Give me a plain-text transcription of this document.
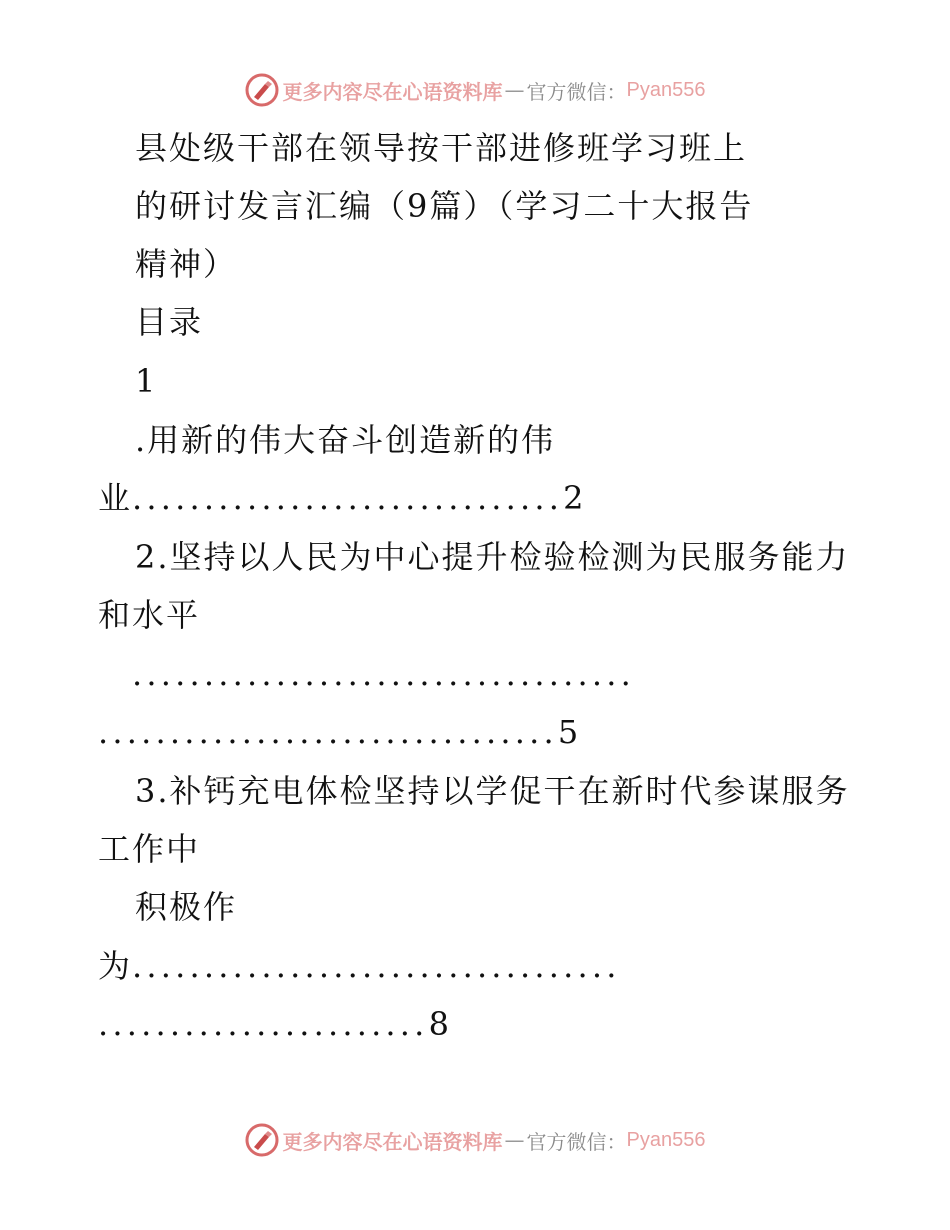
更多内容尽在心语资料库 — 官方微信： Pyan556
县处级干部在领导按干部进修班学习班上
的研讨发言汇编（9篇）（学习二十大报告
精神）
目录
1
.用新的伟大奋斗创造新的伟
业..............................2
2.坚持以人民为中心提升检验检测为民服务能力
和水平
...................................
................................5
3.补钙充电体检坚持以学促干在新时代参谋服务
工作中
积极作
为..................................
.......................8
更多内容尽在心语资料库 — 官方微信： Pyan556
